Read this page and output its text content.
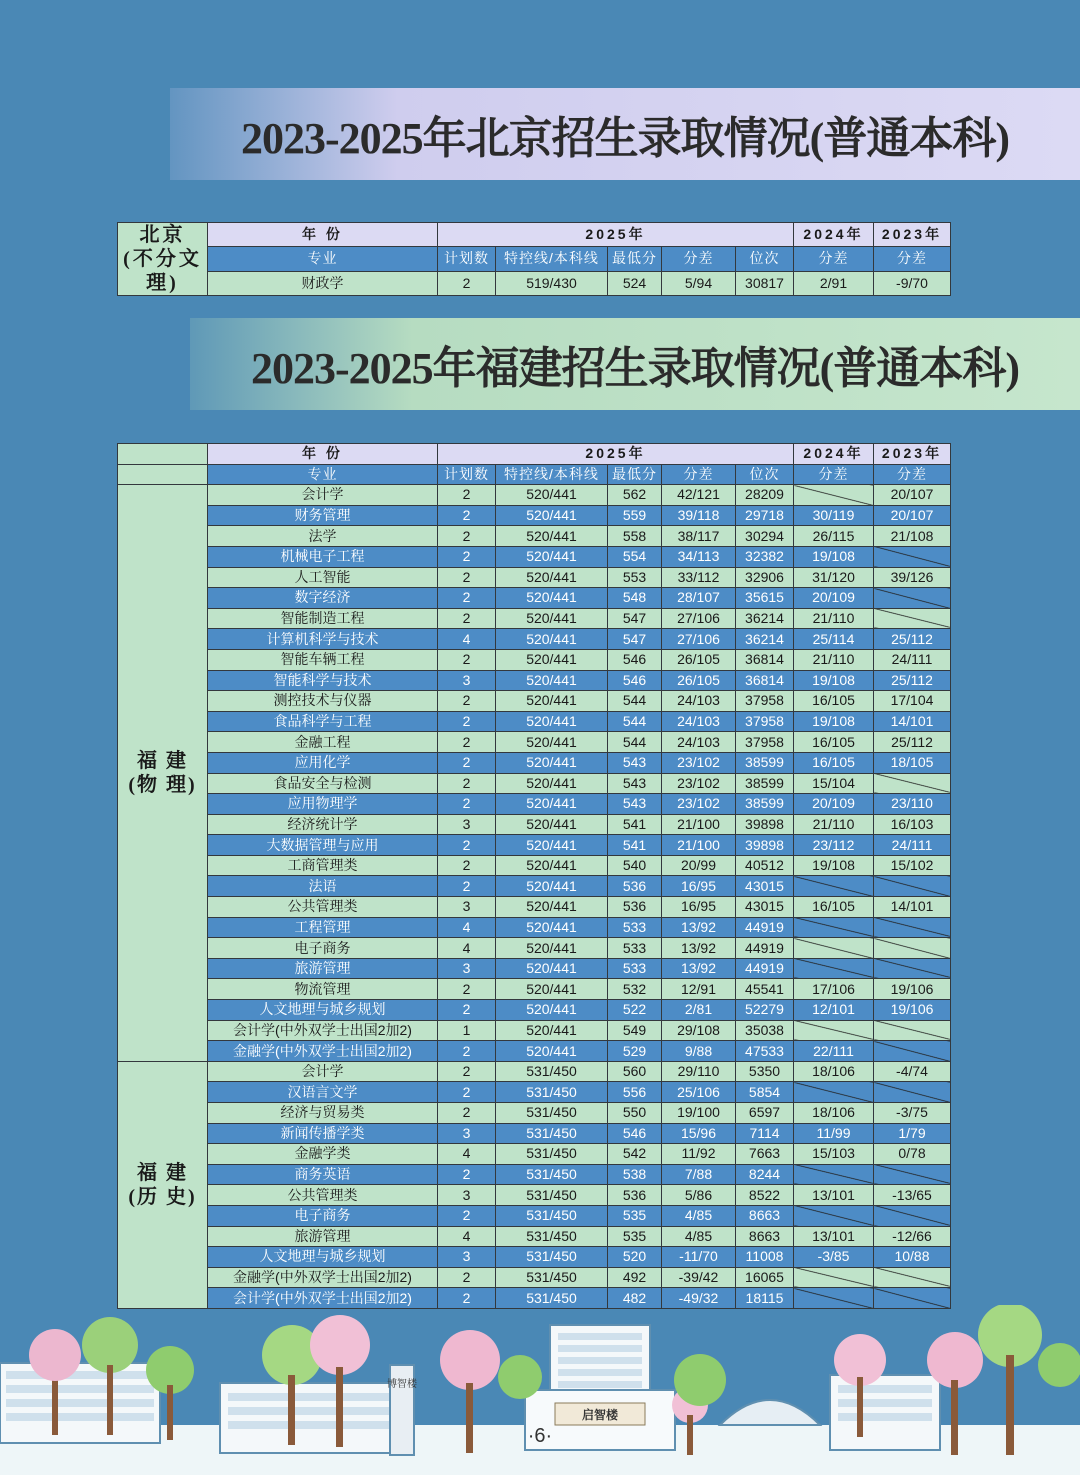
2023-2025年北京招生录取情况(普通本科)
北京
(不分文理)	年 份	2025年					2024年	2023年
	专业	计划数	特控线/本科线	最低分	分差	位次	分差	分差
	财政学	2	519/430	524	5/94	30817	2/91	-9/70
2023-2025年福建招生录取情况(普通本科)
	年 份	2025年					2024年	2023年
	专业	计划数	特控线/本科线	最低分	分差	位次	分差	分差

福 建
(物 理)	会计学	2	520/441	562	42/121	28209		20/107
	财务管理	2	520/441	559	39/118	29718	30/119	20/107
	法学	2	520/441	558	38/117	30294	26/115	21/108
	机械电子工程	2	520/441	554	34/113	32382	19/108	
	人工智能	2	520/441	553	33/112	32906	31/120	39/126
	数字经济	2	520/441	548	28/107	35615	20/109	
	智能制造工程	2	520/441	547	27/106	36214	21/110	
	计算机科学与技术	4	520/441	547	27/106	36214	25/114	25/112
	智能车辆工程	2	520/441	546	26/105	36814	21/110	24/111
	智能科学与技术	3	520/441	546	26/105	36814	19/108	25/112
	测控技术与仪器	2	520/441	544	24/103	37958	16/105	17/104
	食品科学与工程	2	520/441	544	24/103	37958	19/108	14/101
	金融工程	2	520/441	544	24/103	37958	16/105	25/112
	应用化学	2	520/441	543	23/102	38599	16/105	18/105
	食品安全与检测	2	520/441	543	23/102	38599	15/104	
	应用物理学	2	520/441	543	23/102	38599	20/109	23/110
	经济统计学	3	520/441	541	21/100	39898	21/110	16/103
	大数据管理与应用	2	520/441	541	21/100	39898	23/112	24/111
	工商管理类	2	520/441	540	20/99	40512	19/108	15/102
	法语	2	520/441	536	16/95	43015		
	公共管理类	3	520/441	536	16/95	43015	16/105	14/101
	工程管理	4	520/441	533	13/92	44919		
	电子商务	4	520/441	533	13/92	44919		
	旅游管理	3	520/441	533	13/92	44919		
	物流管理	2	520/441	532	12/91	45541	17/106	19/106
	人文地理与城乡规划	2	520/441	522	2/81	52279	12/101	19/106
	会计学(中外双学士出国2加2)	1	520/441	549	29/108	35038		
	金融学(中外双学士出国2加2)	2	520/441	529	9/88	47533	22/111	

福 建
(历 史)	会计学	2	531/450	560	29/110	5350	18/106	-4/74
	汉语言文学	2	531/450	556	25/106	5854		
	经济与贸易类	2	531/450	550	19/100	6597	18/106	-3/75
	新闻传播学类	3	531/450	546	15/96	7114	11/99	1/79
	金融学类	4	531/450	542	11/92	7663	15/103	0/78
	商务英语	2	531/450	538	7/88	8244		
	公共管理类	3	531/450	536	5/86	8522	13/101	-13/65
	电子商务	2	531/450	535	4/85	8663		
	旅游管理	4	531/450	535	4/85	8663	13/101	-12/66
	人文地理与城乡规划	3	531/450	520	-11/70	11008	-3/85	10/88
	金融学(中外双学士出国2加2)	2	531/450	492	-39/42	16065		
	会计学(中外双学士出国2加2)	2	531/450	482	-49/32	18115		
博智楼
启智楼
·6·
